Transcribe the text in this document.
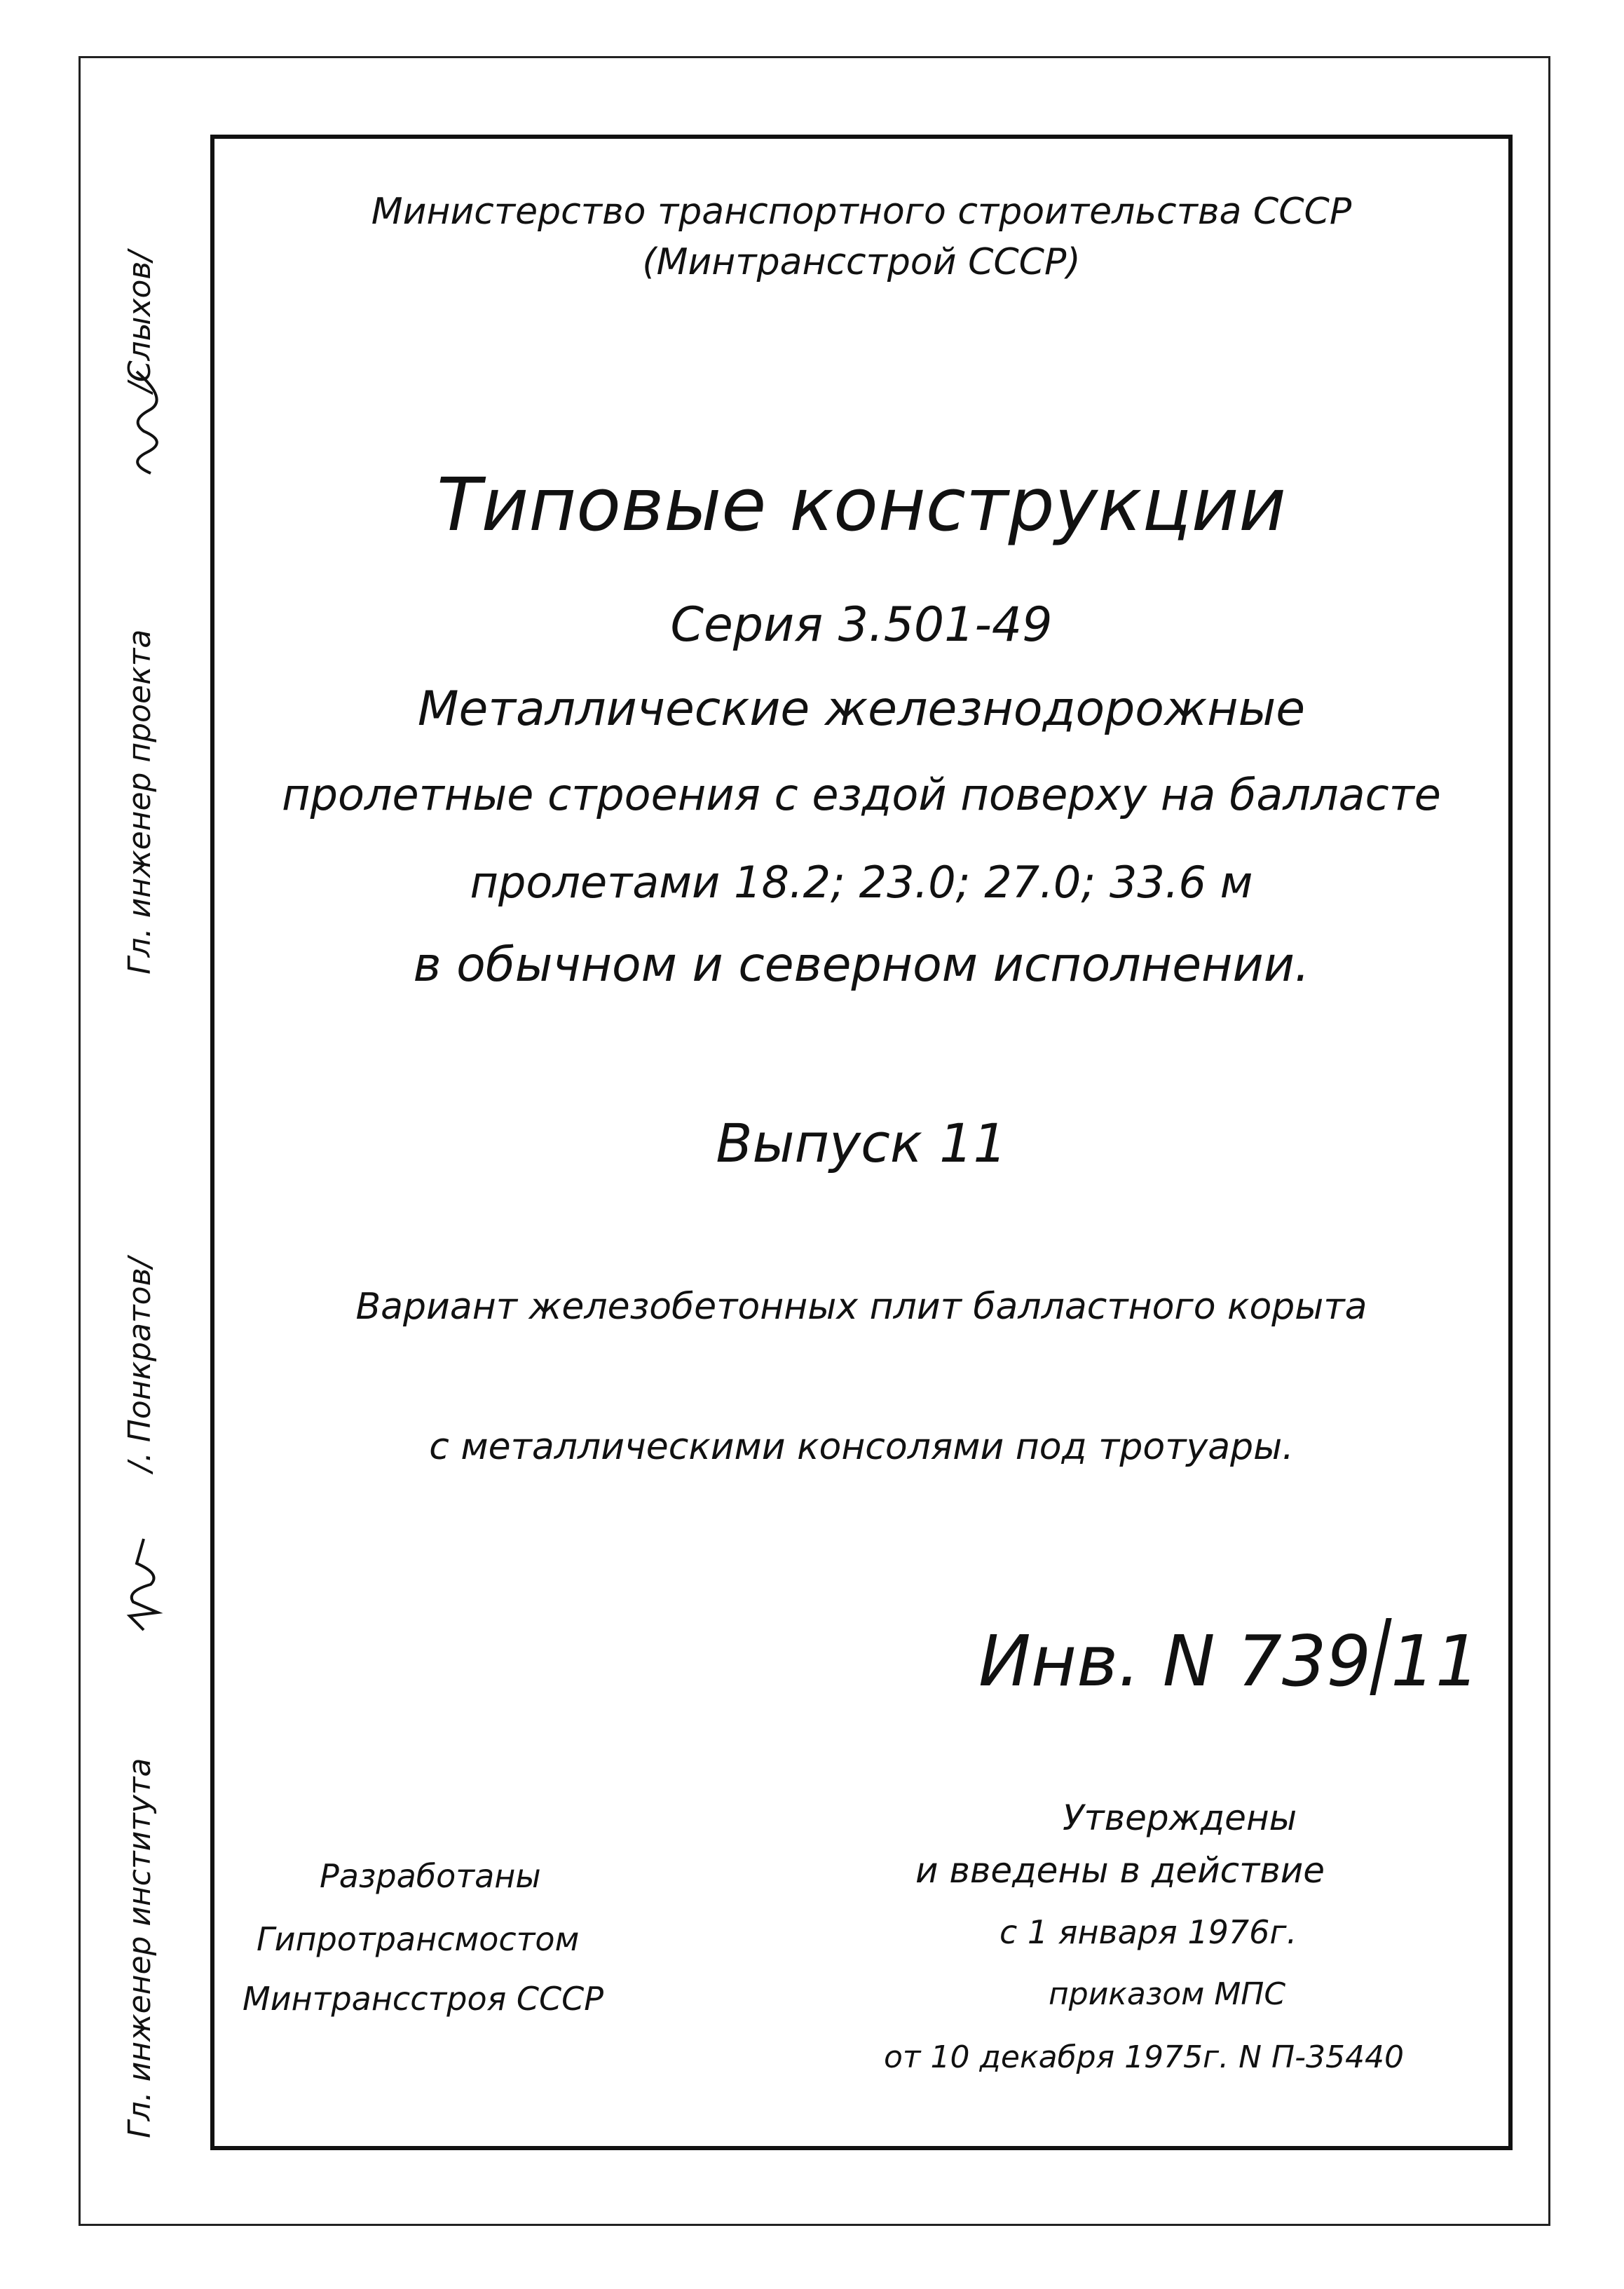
Министерство транспортного строительства СССР
(Минтрансстрой СССР)
Типовые конструкции
Серия 3.501-49
Металлические железнодорожные
пролетные строения с ездой поверху на балласте
пролетами 18.2; 23.0; 27.0; 33.6 м
в обычном и северном исполнении.
Выпуск 11
Вариант железобетонных плит балластного корыта
с металлическими консолями под тротуары.
Инв. N 739 11
Разработаны
Гипротрансмостом
Минтрансстроя СССР
Утверждены
и введены в действие
с 1 января 1976г.
приказом МПС
от 10 декабря 1975г. N П-35440
Гл. инженер проекта
/Слыхов/
/. Понкратов/
Гл. инженер института
